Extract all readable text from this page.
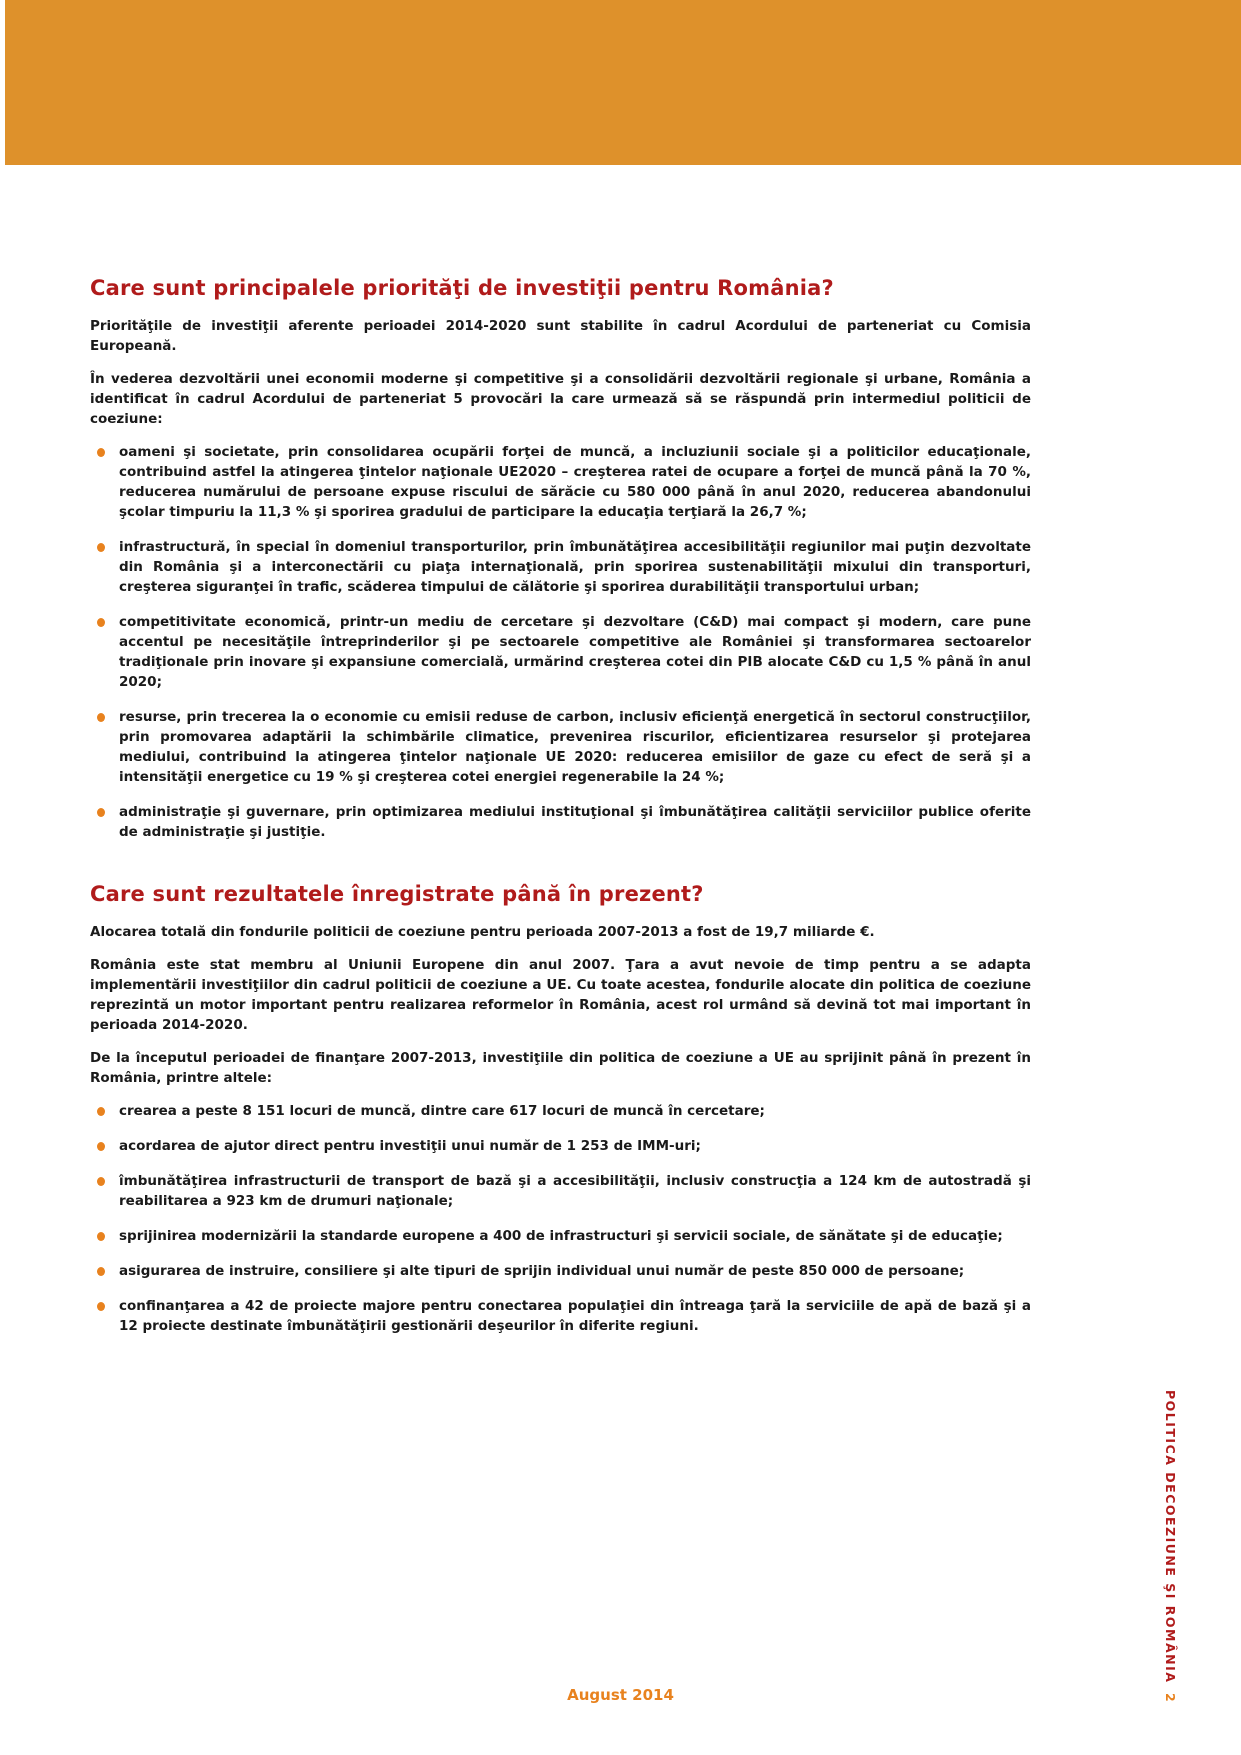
Care sunt principalele priorităţi de investiţii pentru România?

Priorităţile de investiţii aferente perioadei 2014-2020 sunt stabilite în cadrul Acordului de parteneriat cu Comisia Europeană.

În vederea dezvoltării unei economii moderne şi competitive şi a consolidării dezvoltării regionale şi urbane, România a identificat în cadrul Acordului de parteneriat 5 provocări la care urmează să se răspundă prin intermediul politicii de coeziune:

oameni şi societate, prin consolidarea ocupării forţei de muncă, a incluziunii sociale şi a politicilor educaţionale, contribuind astfel la atingerea ţintelor naţionale UE2020 – creşterea ratei de ocupare a forţei de muncă până la 70 %, reducerea numărului de persoane expuse riscului de sărăcie cu 580 000 până în anul 2020, reducerea abandonului şcolar timpuriu la 11,3 % şi sporirea gradului de participare la educaţia terţiară la 26,7 %;
infrastructură, în special în domeniul transporturilor, prin îmbunătăţirea accesibilităţii regiunilor mai puţin dezvoltate din România şi a interconectării cu piaţa internaţională, prin sporirea sustenabilităţii mixului din transporturi, creşterea siguranţei în trafic, scăderea timpului de călătorie şi sporirea durabilităţii transportului urban;
competitivitate economică, printr-un mediu de cercetare şi dezvoltare (C&D) mai compact şi modern, care pune accentul pe necesităţile întreprinderilor şi pe sectoarele competitive ale României şi transformarea sectoarelor tradiţionale prin inovare şi expansiune comercială, urmărind creşterea cotei din PIB alocate C&D cu 1,5 % până în anul 2020;
resurse, prin trecerea la o economie cu emisii reduse de carbon, inclusiv eficienţă energetică în sectorul construcţiilor, prin promovarea adaptării la schimbările climatice, prevenirea riscurilor, eficientizarea resurselor şi protejarea mediului, contribuind la atingerea ţintelor naţionale UE 2020: reducerea emisiilor de gaze cu efect de seră şi a intensităţii energetice cu 19 % şi creşterea cotei energiei regenerabile la 24 %;
administraţie şi guvernare, prin optimizarea mediului instituţional şi îmbunătăţirea calităţii serviciilor publice oferite de administraţie şi justiţie.
Care sunt rezultatele înregistrate până în prezent?

Alocarea totală din fondurile politicii de coeziune pentru perioada 2007-2013 a fost de 19,7 miliarde €.

România este stat membru al Uniunii Europene din anul 2007. Ţara a avut nevoie de timp pentru a se adapta implementării investiţiilor din cadrul politicii de coeziune a UE. Cu toate acestea, fondurile alocate din politica de coeziune reprezintă un motor important pentru realizarea reformelor în România, acest rol urmând să devină tot mai important în perioada 2014-2020.

De la începutul perioadei de finanţare 2007-2013, investiţiile din politica de coeziune a UE au sprijinit până în prezent în România, printre altele:

crearea a peste 8 151 locuri de muncă, dintre care 617 locuri de muncă în cercetare;
acordarea de ajutor direct pentru investiţii unui număr de 1 253 de IMM-uri;
îmbunătăţirea infrastructurii de transport de bază şi a accesibilităţii, inclusiv construcţia a 124 km de autostradă şi reabilitarea a 923 km de drumuri naţionale;
sprijinirea modernizării la standarde europene a 400 de infrastructuri şi servicii sociale, de sănătate şi de educaţie;
asigurarea de instruire, consiliere şi alte tipuri de sprijin individual unui număr de peste 850 000 de persoane;
confinanţarea a 42 de proiecte majore pentru conectarea populaţiei din întreaga ţară la serviciile de apă de bază şi a 12 proiecte destinate îmbunătăţirii gestionării deşeurilor în diferite regiuni.
POLITICA DECOEZIUNE ŞI ROMÂNIA2
August 2014
